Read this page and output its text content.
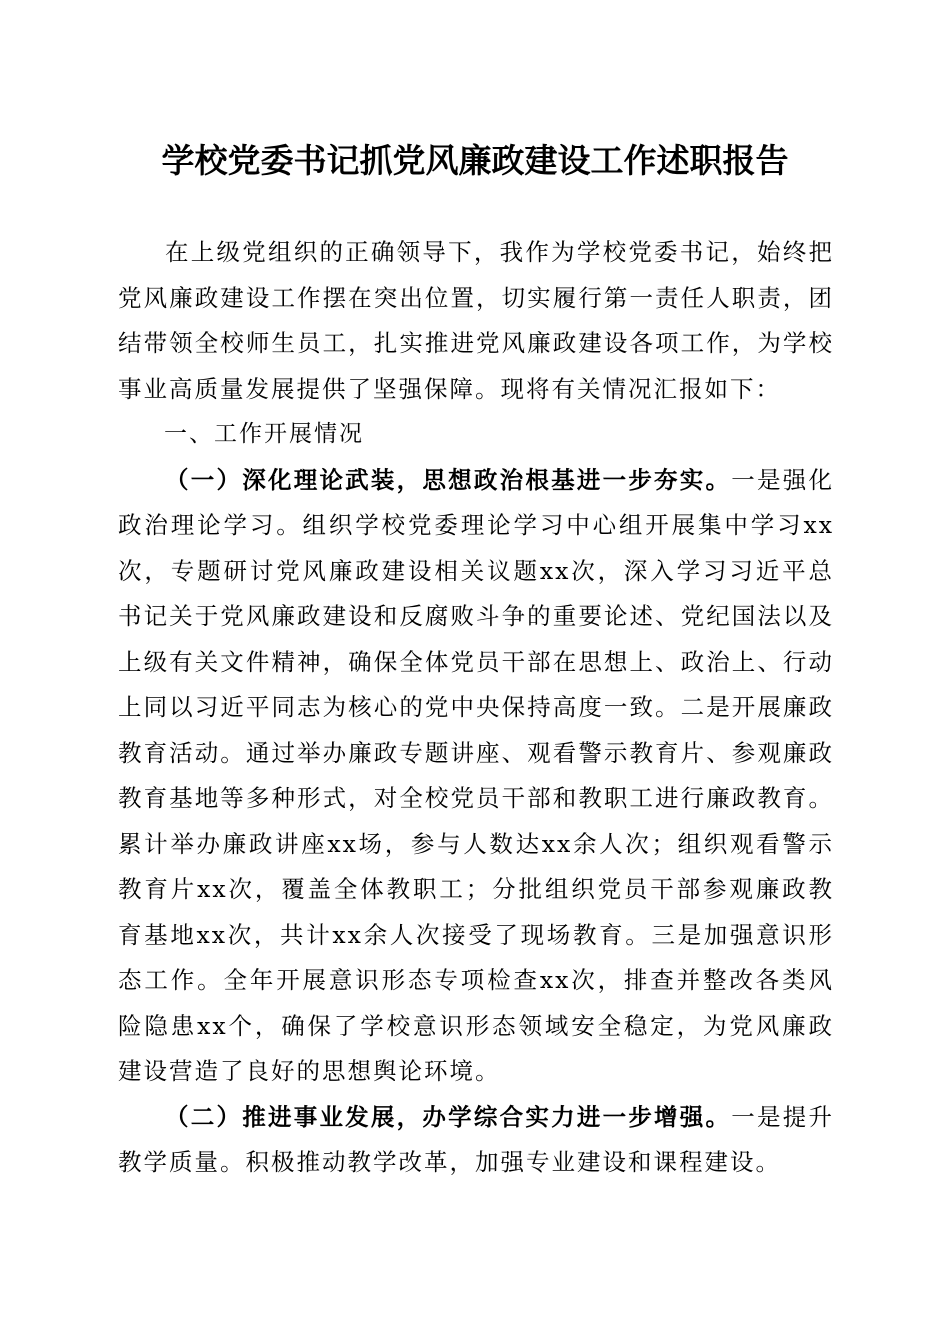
学校党委书记抓党风廉政建设工作述职报告

在上级党组织的正确领导下，我作为学校党委书记，始终把党风廉政建设工作摆在突出位置，切实履行第一责任人职责，团结带领全校师生员工，扎实推进党风廉政建设各项工作，为学校事业高质量发展提供了坚强保障。现将有关情况汇报如下：

一、工作开展情况

（一）深化理论武装，思想政治根基进一步夯实。一是强化政治理论学习。组织学校党委理论学习中心组开展集中学习xx次，专题研讨党风廉政建设相关议题xx次，深入学习习近平总书记关于党风廉政建设和反腐败斗争的重要论述、党纪国法以及上级有关文件精神，确保全体党员干部在思想上、政治上、行动上同以习近平同志为核心的党中央保持高度一致。二是开展廉政教育活动。通过举办廉政专题讲座、观看警示教育片、参观廉政教育基地等多种形式，对全校党员干部和教职工进行廉政教育。累计举办廉政讲座xx场，参与人数达xx余人次；组织观看警示教育片xx次，覆盖全体教职工；分批组织党员干部参观廉政教育基地xx次，共计xx余人次接受了现场教育。三是加强意识形态工作。全年开展意识形态专项检查xx次，排查并整改各类风险隐患xx个，确保了学校意识形态领域安全稳定，为党风廉政建设营造了良好的思想舆论环境。

（二）推进事业发展，办学综合实力进一步增强。一是提升教学质量。积极推动教学改革，加强专业建设和课程建设。
